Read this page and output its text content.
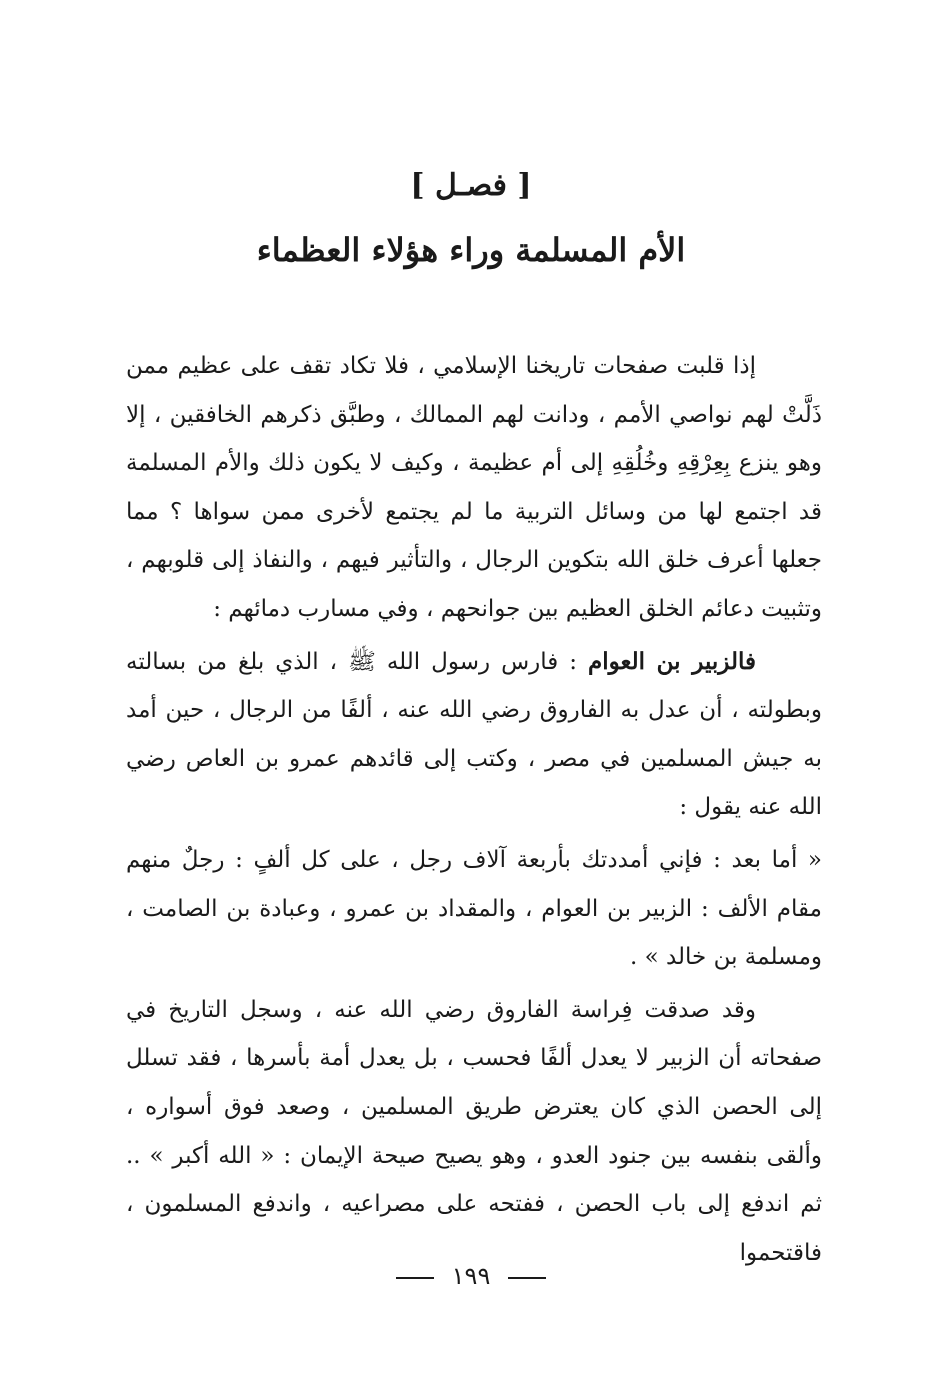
[ فصـل ]
الأم المسلمة وراء هؤلاء العظماء

إذا قلبت صفحات تاريخنا الإسلامي ، فلا تكاد تقف على عظيم ممن ذَلَّتْ لهم نواصي الأمم ، ودانت لهم الممالك ، وطبَّق ذكرهم الخافقين ، إلا وهو ينزع بِعِرْقِهِ وخُلُقِهِ إلى أم عظيمة ، وكيف لا يكون ذلك والأم المسلمة قد اجتمع لها من وسائل التربية ما لم يجتمع لأخرى ممن سواها ؟ مما جعلها أعرف خلق الله بتكوين الرجال ، والتأثير فيهم ، والنفاذ إلى قلوبهم ، وتثبيت دعائم الخلق العظيم بين جوانحهم ، وفي مسارب دمائهم :

فالزبير بن العوام : فارس رسول الله ﷺ ، الذي بلغ من بسالته وبطولته ، أن عدل به الفاروق رضي الله عنه ، ألفًا من الرجال ، حين أمد به جيش المسلمين في مصر ، وكتب إلى قائدهم عمرو بن العاص رضي الله عنه يقول :

« أما بعد : فإني أمددتك بأربعة آلاف رجل ، على كل ألفٍ : رجلٌ منهم مقام الألف : الزبير بن العوام ، والمقداد بن عمرو ، وعبادة بن الصامت ، ومسلمة بن خالد » .

وقد صدقت فِراسة الفاروق رضي الله عنه ، وسجل التاريخ في صفحاته أن الزبير لا يعدل ألفًا فحسب ، بل يعدل أمة بأسرها ، فقد تسلل إلى الحصن الذي كان يعترض طريق المسلمين ، وصعد فوق أسواره ، وألقى بنفسه بين جنود العدو ، وهو يصيح صيحة الإيمان : « الله أكبر » .. ثم اندفع إلى باب الحصن ، ففتحه على مصراعيه ، واندفع المسلمون ، فاقتحموا

١٩٩
